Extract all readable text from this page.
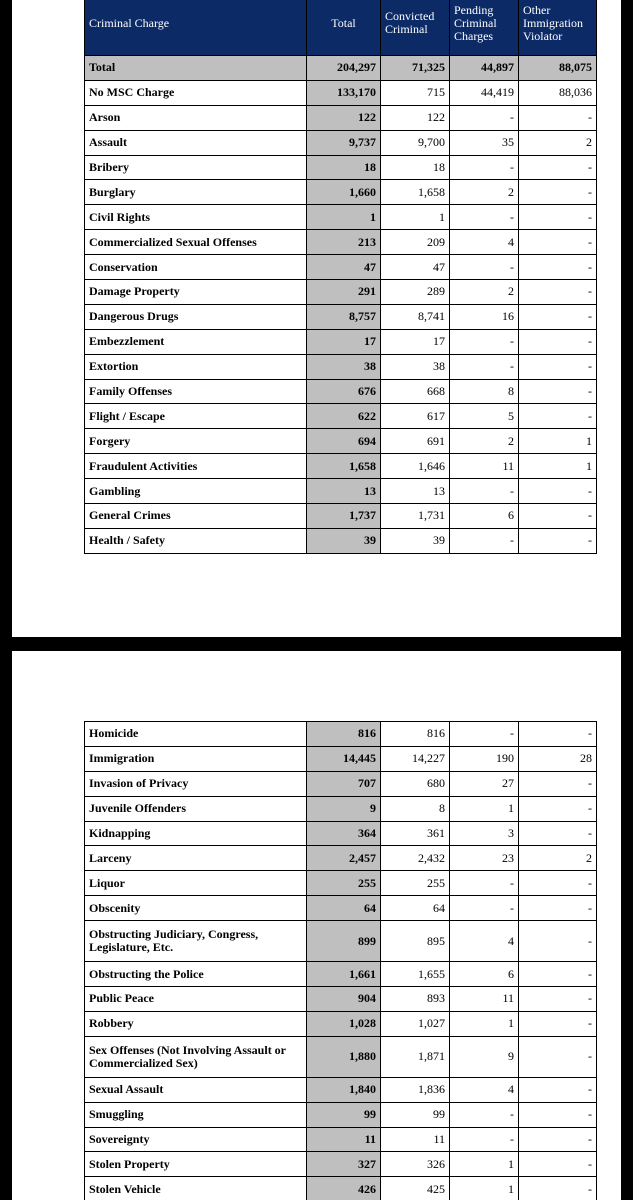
Criminal Charge	Total	Convicted Criminal	Pending Criminal Charges	Other Immigration Violator
Total	204,297	71,325	44,897	88,075
No MSC Charge	133,170	715	44,419	88,036
Arson	122	122	-	-
Assault	9,737	9,700	35	2
Bribery	18	18	-	-
Burglary	1,660	1,658	2	-
Civil Rights	1	1	-	-
Commercialized Sexual Offenses	213	209	4	-
Conservation	47	47	-	-
Damage Property	291	289	2	-
Dangerous Drugs	8,757	8,741	16	-
Embezzlement	17	17	-	-
Extortion	38	38	-	-
Family Offenses	676	668	8	-
Flight / Escape	622	617	5	-
Forgery	694	691	2	1
Fraudulent Activities	1,658	1,646	11	1
Gambling	13	13	-	-
General Crimes	1,737	1,731	6	-
Health / Safety	39	39	-	-
Homicide	816	816	-	-
Immigration	14,445	14,227	190	28
Invasion of Privacy	707	680	27	-
Juvenile Offenders	9	8	1	-
Kidnapping	364	361	3	-
Larceny	2,457	2,432	23	2
Liquor	255	255	-	-
Obscenity	64	64	-	-
Obstructing Judiciary, Congress, Legislature, Etc.	899	895	4	-
Obstructing the Police	1,661	1,655	6	-
Public Peace	904	893	11	-
Robbery	1,028	1,027	1	-
Sex Offenses (Not Involving Assault or Commercialized Sex)	1,880	1,871	9	-
Sexual Assault	1,840	1,836	4	-
Smuggling	99	99	-	-
Sovereignty	11	11	-	-
Stolen Property	327	326	1	-
Stolen Vehicle	426	425	1	-
